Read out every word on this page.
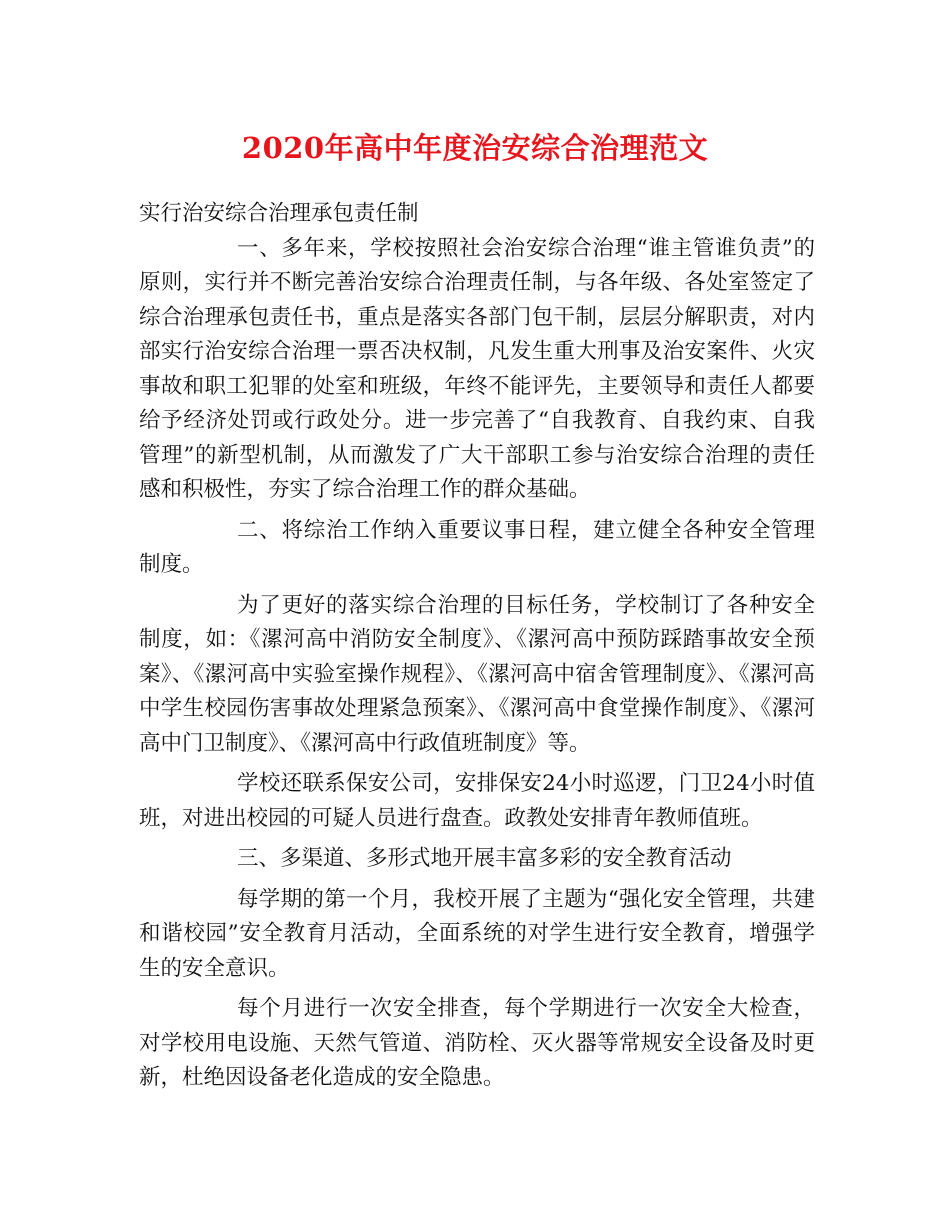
2020年高中年度治安综合治理范文

实行治安综合治理承包责任制

一、多年来，学校按照社会治安综合治理“谁主管谁负责”的原则，实行并不断完善治安综合治理责任制，与各年级、各处室签定了综合治理承包责任书，重点是落实各部门包干制，层层分解职责，对内部实行治安综合治理一票否决权制，凡发生重大刑事及治安案件、火灾事故和职工犯罪的处室和班级，年终不能评先，主要领导和责任人都要给予经济处罚或行政处分。进一步完善了“自我教育、自我约束、自我管理”的新型机制，从而激发了广大干部职工参与治安综合治理的责任感和积极性，夯实了综合治理工作的群众基础。

二、将综治工作纳入重要议事日程，建立健全各种安全管理制度。

为了更好的落实综合治理的目标任务，学校制订了各种安全制度，如：《漯河高中消防安全制度》、《漯河高中预防踩踏事故安全预案》、《漯河高中实验室操作规程》、《漯河高中宿舍管理制度》、《漯河高中学生校园伤害事故处理紧急预案》、《漯河高中食堂操作制度》、《漯河高中门卫制度》、《漯河高中行政值班制度》等。

学校还联系保安公司，安排保安24小时巡逻，门卫24小时值班，对进出校园的可疑人员进行盘查。政教处安排青年教师值班。

三、多渠道、多形式地开展丰富多彩的安全教育活动

每学期的第一个月，我校开展了主题为“强化安全管理，共建和谐校园”安全教育月活动，全面系统的对学生进行安全教育，增强学生的安全意识。

每个月进行一次安全排查，每个学期进行一次安全大检查，对学校用电设施、天然气管道、消防栓、灭火器等常规安全设备及时更新，杜绝因设备老化造成的安全隐患。
